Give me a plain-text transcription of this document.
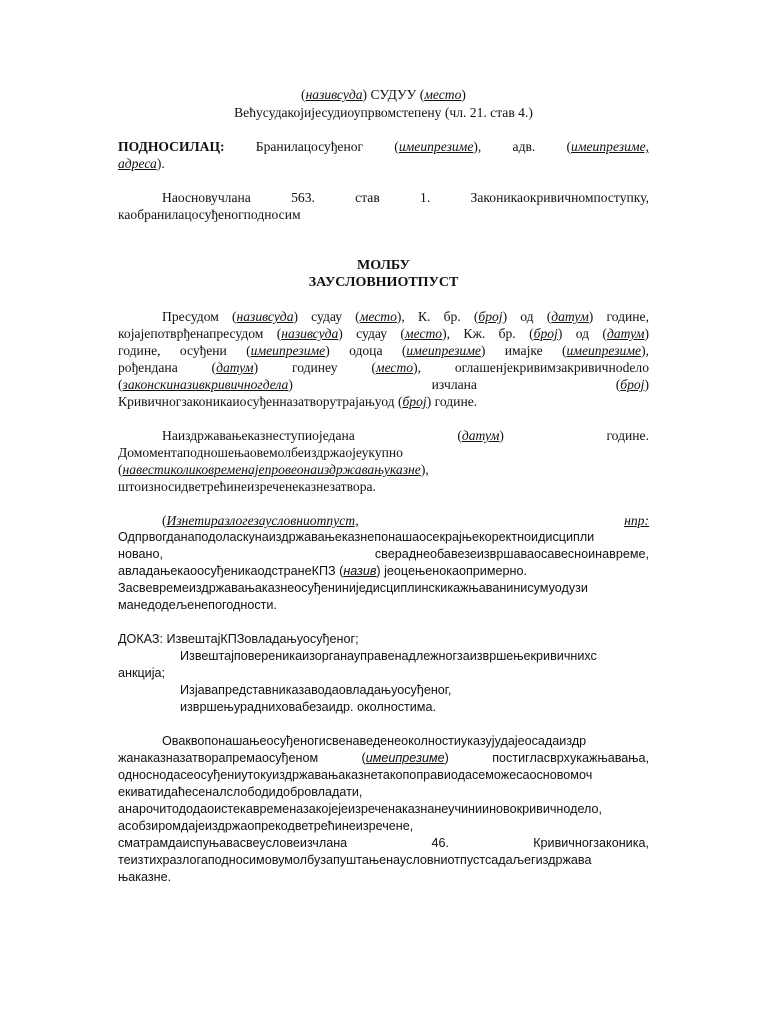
(називсуда) СУДУУ (место)
Већусудакојијесудиоупрвомстепену (чл. 21. став 4.)
ПОДНОСИЛАЦ: Бранилацосуђеног (имеипрезиме), адв. (имеипрезиме,
адреса).
Наосновучлана	563.	став	1.	Законикаокривичномпоступку,
каобранилацосуђеногподносим
МОЛБУ
ЗАУСЛОВНИОТПУСТ
Пресудом (називсуда) судау (место), К. бр. (број) од (датум) године,
којајепотврђенапресудом (називсуда) судау (место), Кж. бр. (број) од (датум)
године, осуђени (имеипрезиме) одоца (имеипрезиме) имајке (имеипрезиме),
рођендана (датум) годинеу (место), оглашенјекривимзакривичноdело
(законскиназивкривичногдела)	изчлана	(број)
Кривичногзаконикаиосуђенназатворутрајањуод (број) године.
Наиздржавањеказнеступиоједана	(датум)	године.
Домоментаподношењаовемолбеиздржаојеукупно
(навестиколиковременајепровеонаиздржавањуказне),
штоизносидветрећинеизреченеказнезатвора.
(Изнетиразлогезаусловниотпуст,	нпр:
Одпрвогданаподоласкунаиздржавањеказнепонашаосекрајњекоректноидисципли
новано,	свераднеобавезеизвршаваосавесноинавреме,
авладањекаоосуђеникаодстранеКПЗ (назив) јеоцењенокаопримерно.
Засвевремеиздржавањаказнеосуђениниједисциплинскикажњаванинисумуодузи
манедодељенепогодности.
ДОКАЗ: ИзвештајКПЗовладањуосуђеног;
Извештајповереникаизорганауправенадлежногзаизвршењекривичнихс
анкција;
Изјавапредставниказаводаовладањуосуђеног,
извршењурадниховабезаидр. околностима.
Оваквопонашањеосуђеногисвенаведенеоколностиуказујудајеосадаиздр
жанаказназатворапремаосуђеном	(имеипрезиме)	постигласврхукажњавања,
односнодасеосуђениутокуиздржавањаказнетакопоправиодасеможесаосновомоч
екиватидаћесеналслободидобровладати,
анарочитододаоистекавременазакојејеизреченаказнанеучинииновокривичнодело,
асобзиромдајеиздржаопрекодветрећинеизречене,
сматрамдаиспуњавасвеусловеизчлана	46.	Кривичногзаконика,
теизтихразлогаподносимовумолбузапуштањенаусловниотпустсадаљегиздржава
њаказне.
